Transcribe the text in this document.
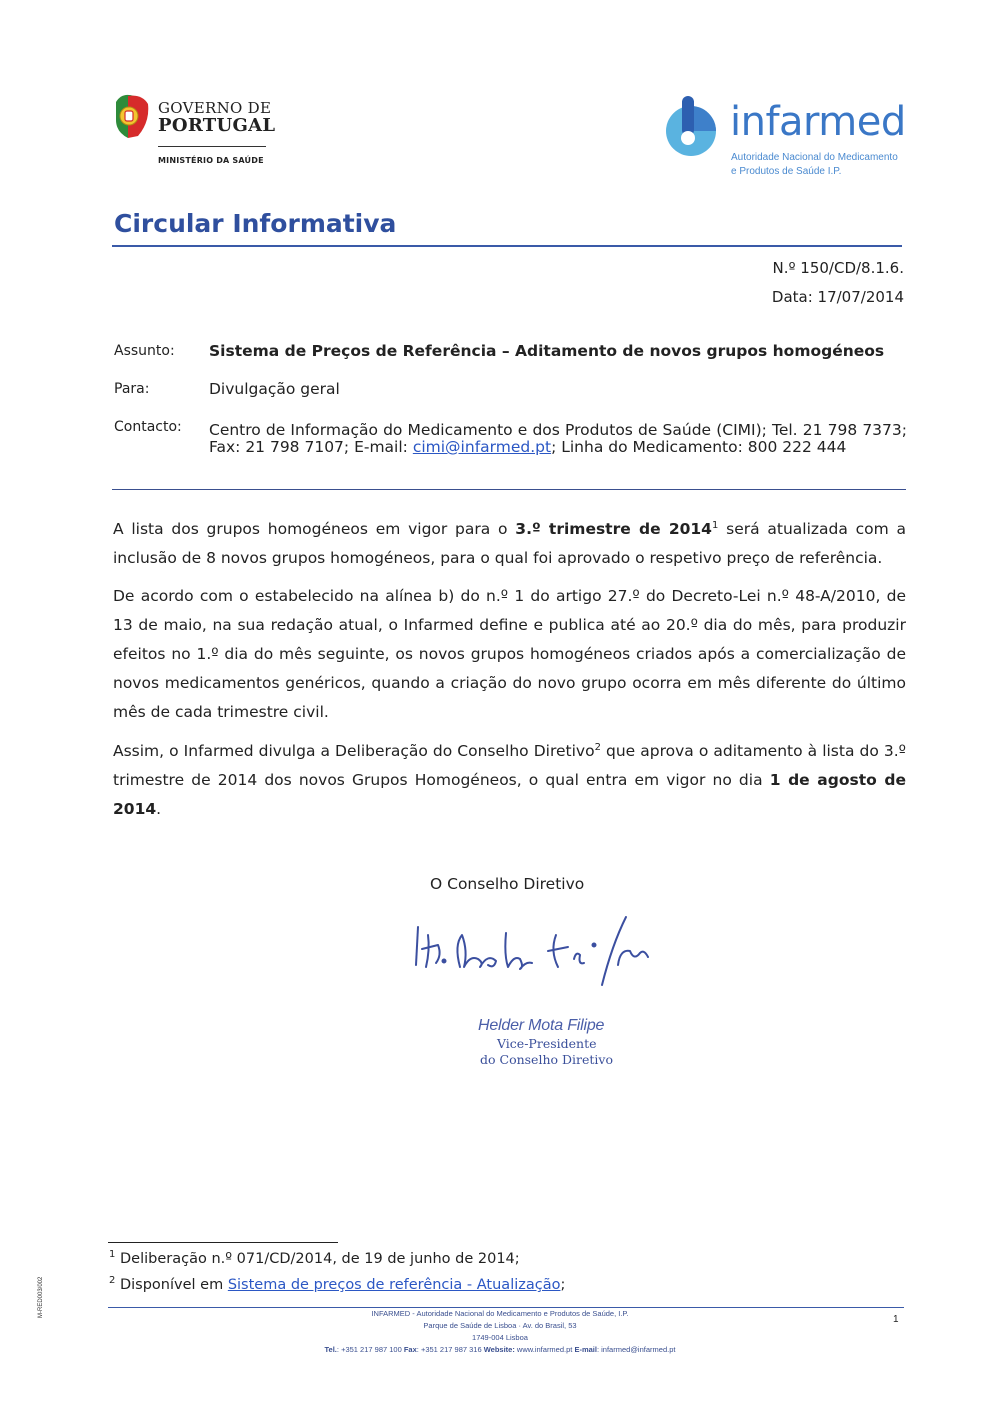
GOVERNO DE
PORTUGAL
MINISTÉRIO DA SAÚDE
infarmed
Autoridade Nacional do Medicamento
e Produtos de Saúde I.P.
Circular Informativa
N.º 150/CD/8.1.6.
Data: 17/07/2014
Assunto: Sistema de Preços de Referência – Aditamento de novos grupos homogéneos
Para:	Divulgação geral
Contacto: Centro de Informação do Medicamento e dos Produtos de Saúde (CIMI); Tel. 21 798 7373; Fax: 21 798 7107; E-mail: cimi@infarmed.pt; Linha do Medicamento: 800 222 444
A lista dos grupos homogéneos em vigor para o 3.º trimestre de 2014$^1$ será atualizada com a inclusão de 8 novos grupos homogéneos, para o qual foi aprovado o respetivo preço de referência.
De acordo com o estabelecido na alínea b) do n.º 1 do artigo 27.º do Decreto-Lei n.º 48-A/2010, de 13 de maio, na sua redação atual, o Infarmed define e publica até ao 20.º dia do mês, para produzir efeitos no 1.º dia do mês seguinte, os novos grupos homogéneos criados após a comercialização de novos medicamentos genéricos, quando a criação do novo grupo ocorra em mês diferente do último mês de cada trimestre civil.
Assim, o Infarmed divulga a Deliberação do Conselho Diretivo$^2$ que aprova o aditamento à lista do 3.º trimestre de 2014 dos novos Grupos Homogéneos, o qual entra em vigor no dia 1 de agosto de 2014.
O Conselho Diretivo
Helder Mota Filipe
Vice-Presidente
do Conselho Diretivo
$^1$ Deliberação n.º 071/CD/2014, de 19 de junho de 2014;
$^2$ Disponível em Sistema de preços de referência - Atualização;
INFARMED - Autoridade Nacional do Medicamento e Produtos de Saúde, I.P.
Parque de Saúde de Lisboa · Av. do Brasil, 53
1749-004 Lisboa
Tel.: +351 217 987 100 Fax: +351 217 987 316 Website: www.infarmed.pt E-mail: infarmed@infarmed.pt
1
M-RED003/002
